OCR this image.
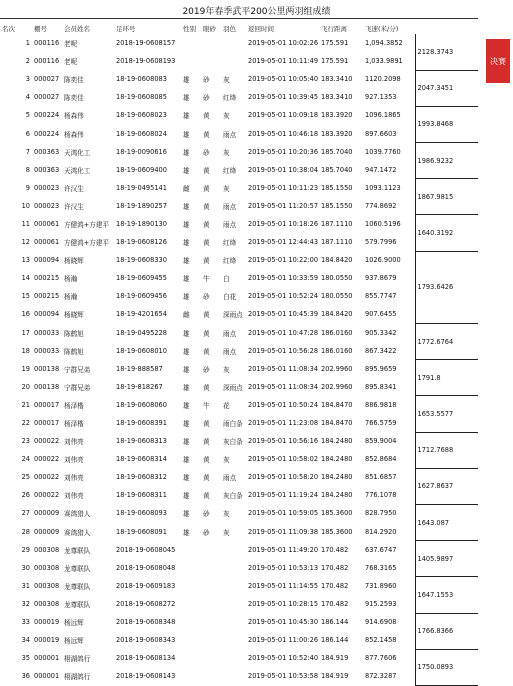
2019年春季武平200公里两羽组成绩
决赛
名次	棚号	会员姓名	足环号	性别	眼砂	羽色	返回时间	飞行距离	飞速(米/分)	
1	000116	老呢	2018-19-0608157				2019-05-01 10:02:26	175.591	1,094.3852	2128.3743
2	000116	老呢	2018-19-0608193				2019-05-01 10:11:49	175.591	1,033.9891	
3	000027	陈奕佳	18-19-0608083	雄	砂	灰	2019-05-01 10:05:40	183.3410	1120.2098	2047.3451
4	000027	陈奕佳	18-19-0608085	雄	砂	红绛	2019-05-01 10:39:45	183.3410	927.1353	
5	000224	杨森伟	18-19-0608023	雄	黄	灰	2019-05-01 10:09:18	183.3920	1096.1865	1993.8468
6	000224	杨森伟	18-19-0608024	雄	黄	雨点	2019-05-01 10:46:18	183.3920	897.6603	
7	000363	天鸿化工	18-19-0090616	雄	砂	灰	2019-05-01 10:20:36	185.7040	1039.7760	1986.9232
8	000363	天鸿化工	18-19-0609400	雄	黄	红绛	2019-05-01 10:38:04	185.7040	947.1472	
9	000023	许汉生	18-19-0495141	雌	黄	灰	2019-05-01 10:11:23	185.1550	1093.1123	1867.9815
10	000023	许汉生	18-19-1890257	雄	黄	雨点	2019-05-01 11:20:57	185.1550	774.8692	
11	000061	方健鸿+方建平	18-19-1890130	雄	黄	雨点	2019-05-01 10:18:26	187.1110	1060.5196	1640.3192
12	000061	方健鸿+方建平	18-19-0608126	雄	黄	红绛	2019-05-01 12:44:43	187.1110	579.7996	
13	000094	杨晓辉	18-19-0608330	雄	黄	红绛	2019-05-01 10:22:00	184.8420	1026.9000	1793.6426
14	000215	杨瀚	18-19-0609455	雄	牛	白	2019-05-01 10:33:59	180.0550	937.8679	
15	000215	杨瀚	18-19-0609456	雄	砂	白花	2019-05-01 10:52:24	180.0550	855.7747	
16	000094	杨晓辉	18-19-4201654	雌	黄	深雨点	2019-05-01 10:45:39	184.8420	907.6455	
17	000033	陈鹤旭	18-19-0495228	雄	黄	雨点	2019-05-01 10:47:28	186.0160	905.3342	1772.6764
18	000033	陈鹤旭	18-19-0608010	雄	黄	雨点	2019-05-01 10:56:28	186.0160	867.3422	
19	000138	宁群兄弟	18-19-888587	雄	砂	灰	2019-05-01 11:08:34	202.9960	895.9659	1791.8
20	000138	宁群兄弟	18-19-818267	雄	黄	深雨点	2019-05-01 11:08:34	202.9960	895.8341	
21	000017	杨泽楷	18-19-0608060	雄	牛	花	2019-05-01 10:50:24	184.8470	886.9818	1653.5577
22	000017	杨泽楷	18-19-0608391	雄	黄	雨白条	2019-05-01 11:23:08	184.8470	766.5759	
23	000022	刘伟亮	18-19-0608313	雄	黄	灰白条	2019-05-01 10:56:16	184.2480	859.9004	1712.7688
24	000022	刘伟亮	18-19-0608314	雄	黄	灰	2019-05-01 10:58:02	184.2480	852.8684	
25	000022	刘伟亮	18-19-0608312	雄	黄	雨点	2019-05-01 10:58:20	184.2480	851.6857	1627.8637
26	000022	刘伟亮	18-19-0608311	雄	黄	灰白条	2019-05-01 11:19:24	184.2480	776.1078	
27	000009	赛鸽猎人	18-19-0608093	雄	砂	灰	2019-05-01 10:59:05	185.3600	828.7950	1643.087
28	000009	赛鸽猎人	18-19-0608091	雄	砂	灰	2019-05-01 11:09:38	185.3600	814.2920	
29	000308	龙尊联队	2018-19-0608045				2019-05-01 11:49:20	170.482	637.6747	1405.9897
30	000308	龙尊联队	2018-19-0608048				2019-05-01 10:53:13	170.482	768.3165	
31	000308	龙尊联队	2018-19-0609183				2019-05-01 11:14:55	170.482	731.8960	1647.1553
32	000308	龙尊联队	2018-19-0608272				2019-05-01 10:28:15	170.482	915.2593	
33	000019	杨远辉	2018-19-0608348				2019-05-01 10:45:30	186.144	914.6908	1766.8366
34	000019	杨远辉	2018-19-0608343				2019-05-01 11:00:26	186.144	852.1458	
35	000001	栩湖鸽行	2018-19-0608134				2019-05-01 10:52:40	184.919	877.7606	1750.0893
36	000001	栩湖鸽行	2018-19-0608143				2019-05-01 10:53:58	184.919	872.3287	
